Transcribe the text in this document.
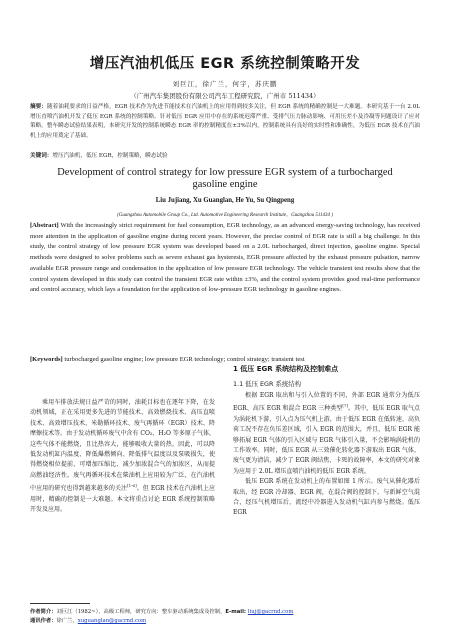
增压汽油机低压 EGR 系统控制策略开发
刘巨江，徐广兰，何宇，苏庆鹏
（广州汽车集团股份有限公司汽车工程研究院，广州市 511434）
摘要：随着油耗要求的日益严格，EGR 技术作为先进节能技术在汽油机上的应用得到较多关注，但 EGR 系统的精确控制是一大难题。本研究基于一台 2.0L 增压直喷汽油机开发了低压 EGR 系统的控制策略。针对低压 EGR 应用中存在的系统迟滞严重、受排气压力脉动影响、可用压差小及冷凝等问题设计了应对策略。整车瞬态试验结果表明，本研究开发的控制系统瞬态 EGR 率的控制精度在±3%以内，控制系统具有良好的实时性和准确性，为低压 EGR 技术在汽油机上的应用奠定了基础。
关键词：增压汽油机，低压 EGR，控制策略，瞬态试验
Development of control strategy for low pressure EGR system of a turbocharged gasoline engine
Liu Jujiang, Xu Guanglan, He Yu, Su Qingpeng
(Guangzhou Automobile Group Co., Ltd. Automotive Engineering Research Institute，Guangzhou 511434 )
[Abstract] With the increasingly strict requirement for fuel consumption, EGR technology, as an advanced energy-saving technology, has received more attention in the application of gasoline engine during recent years. However, the precise control of EGR rate is still a big challenge. In this study, the control strategy of low pressure EGR system was developed based on a 2.0L turbocharged, direct injection, gasoline engine. Special methods were designed to solve problems such as severe exhaust gas hysteresis, EGR pressure affected by the exhaust pressure pulsation, narrow available EGR pressure range and condensation in the application of low pressure EGR technology. The vehicle transient test results show that the control system developed in this study can control the transient EGR rate within ±3%, and the control system provides good real-time performance and control accuracy, which lays a foundation for the application of low-pressure EGR technology in gasoline engines.
[Keywords] turbocharged gasoline engine; low pressure EGR technology; control strategy; transient test

乘用车排放法规日益严苛的同时，油耗目标也在逐年下降，在发动机领域，正在采用更多先进的节能技术，高效燃烧技术、高压直喷技术、高效增压技术、米勒循环技术、废气再循环（EGR）技术、降摩擦技术等。由于发动机循环废气中含有 CO₂、H₂O 等多原子气体，这些气体不能燃烧，且比热容大，能够吸收大量的热。因此，可以降低发动机缸内温度、降低爆燃倾向、降低排气温度以及泵吸损失，使得燃烧相位提前、可增加压缩比、减少加浓混合气的加浓区，从而提高燃油经济性。废气再循环技术在柴油机上应用较为广泛，在汽油机中应用的研究也得到越来越多的关注[1-6]。但 EGR 技术在汽油机上应用时，精确的控制是一大难题。本文将重点讨论 EGR 系统控制策略开发及应用。

1 低压 EGR 系统结构及控制难点
1.1 低压 EGR 系统结构

根据 EGR 取出和与引入位置的不同，外部 EGR 通常分为低压 EGR、高压 EGR 和混合 EGR 三种类型[7]。其中，低压 EGR 取气点为涡轮机下游，引入点为压气机上游，由于低压 EGR 在低转速、高负荷工况不存在负压差区域，引入 EGR 的范围大，并且，低压 EGR 能够拓展 EGR 气体的引入区域与 EGR 气体引入量，不会影响涡轮机的工作效率。同时，低压 EGR 从三效催化转化器下游取出 EGR 气体，废气更为清洁，减少了 EGR 阀结焦、卡死的故障率，本文的研究对象为应用于 2.0L 增压直喷汽油机的低压 EGR 系统。

低压 EGR 系统在发动机上的布置如图 1 所示。废气从催化器后取出，经 EGR 冷却器、EGR 阀，在混合阀的控制下，与新鲜空气混合，经压气机增压后，流经中冷器进入发动机气缸内参与燃烧。低压 EGR

作者简介：刘巨江（1982~），高级工程师，研究方向：整车驱动系统集成及控制，E-mail: liuj@gacrnd.com
通讯作者：徐广兰，xuguanglan@gacrnd.com
